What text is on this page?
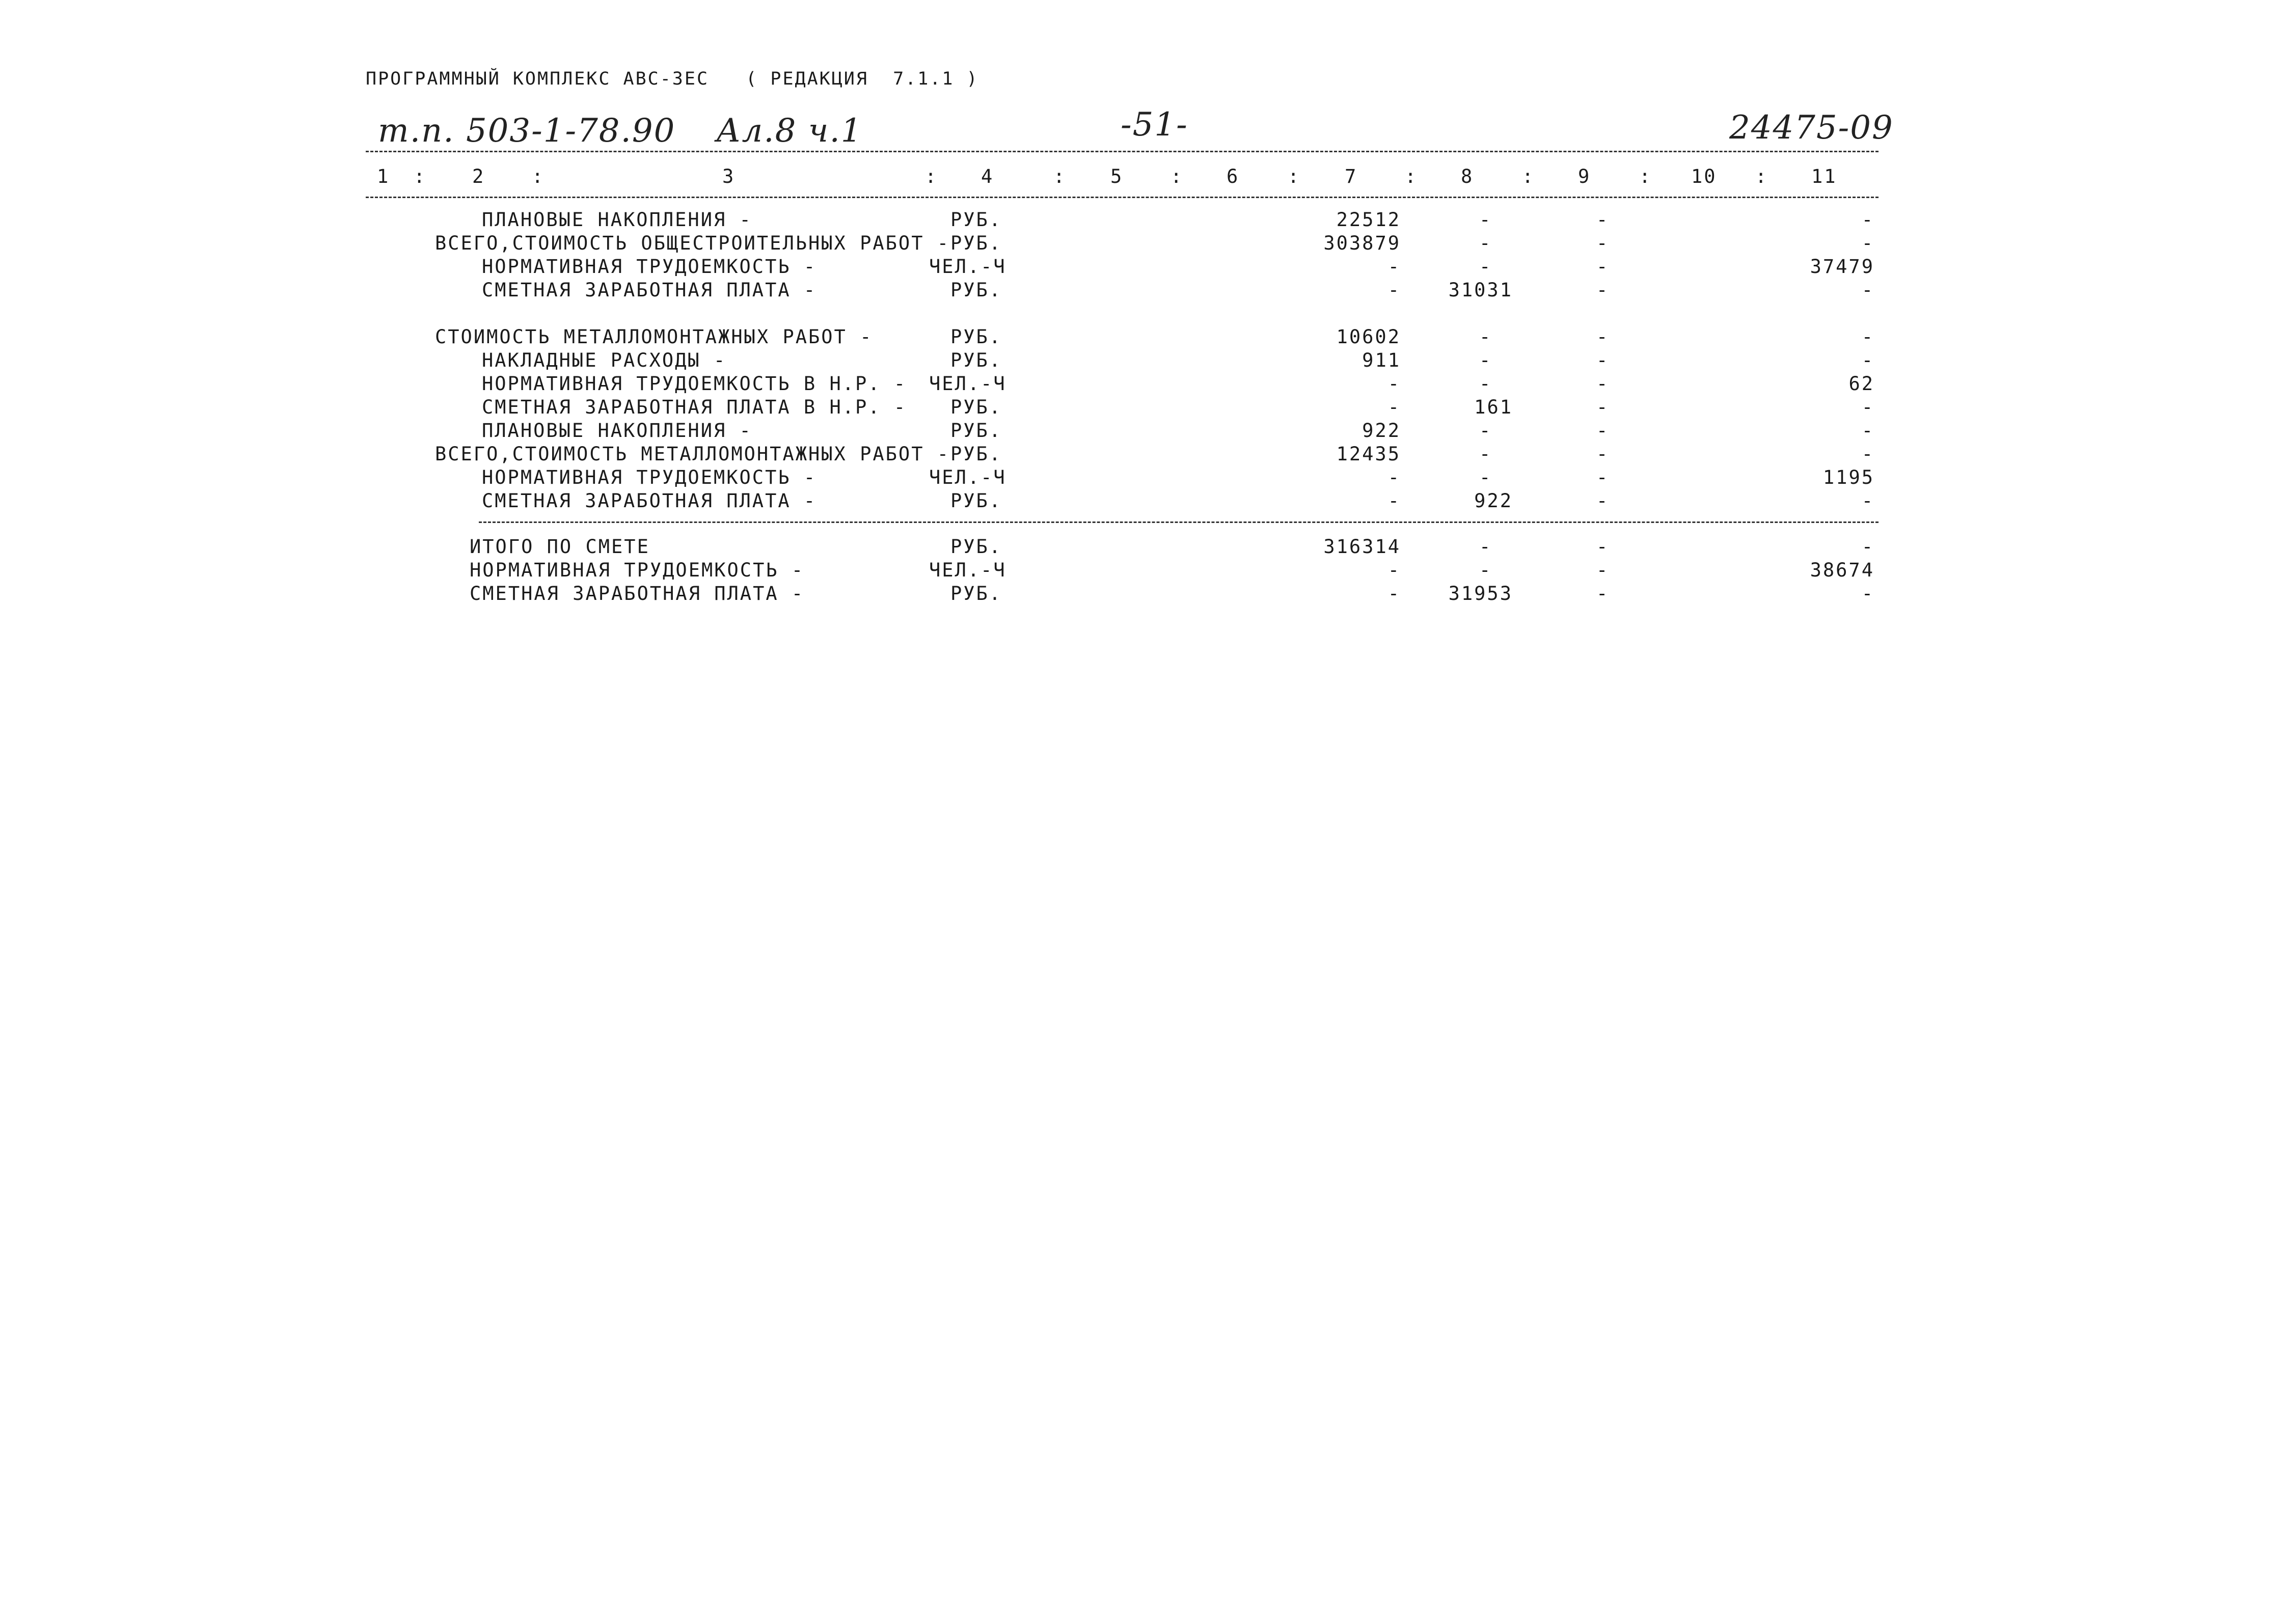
ПРОГРАММНЫЙ КОМПЛЕКС АВС-3ЕС   ( РЕДАКЦИЯ  7.1.1 )
т.п. 503-1-78.90 Ал.8 ч.1	-51-	24475-09
1 : 2 :	3	: 4	: 5	: 6	: 7	: 8	: 9	: 10 : 11
ПЛАНОВЫЕ НАКОПЛЕНИЯ -	РУБ.	22512	-	-	-
ВСЕГО,СТОИМОСТЬ ОБЩЕСТРОИТЕЛЬНЫХ РАБОТ - РУБ.	303879	-	-	-
НОРМАТИВНАЯ ТРУДОЕМКОСТЬ -	ЧЕЛ.-Ч	-	-	-	37479
СМЕТНАЯ ЗАРАБОТНАЯ ПЛАТА -	РУБ.	-	31031	-	-
СТОИМОСТЬ МЕТАЛЛОМОНТАЖНЫХ РАБОТ -	РУБ.	10602	-	-	-
НАКЛАДНЫЕ РАСХОДЫ -	РУБ.	911	-	-	-
НОРМАТИВНАЯ ТРУДОЕМКОСТЬ В Н.Р. - ЧЕЛ.-Ч	-	-	-	62
СМЕТНАЯ ЗАРАБОТНАЯ ПЛАТА В Н.Р. - РУБ.	-	161	-	-
ПЛАНОВЫЕ НАКОПЛЕНИЯ -	РУБ.	922	-	-	-
ВСЕГО,СТОИМОСТЬ МЕТАЛЛОМОНТАЖНЫХ РАБОТ - РУБ.	12435	-	-	-
НОРМАТИВНАЯ ТРУДОЕМКОСТЬ -	ЧЕЛ.-Ч	-	-	-	1195
СМЕТНАЯ ЗАРАБОТНАЯ ПЛАТА -	РУБ.	-	922	-	-
ИТОГО ПО СМЕТЕ	РУБ.	316314	-	-	-
НОРМАТИВНАЯ ТРУДОЕМКОСТЬ -	ЧЕЛ.-Ч	-	-	-	38674
СМЕТНАЯ ЗАРАБОТНАЯ ПЛАТА -	РУБ.	-	31953	-	-
